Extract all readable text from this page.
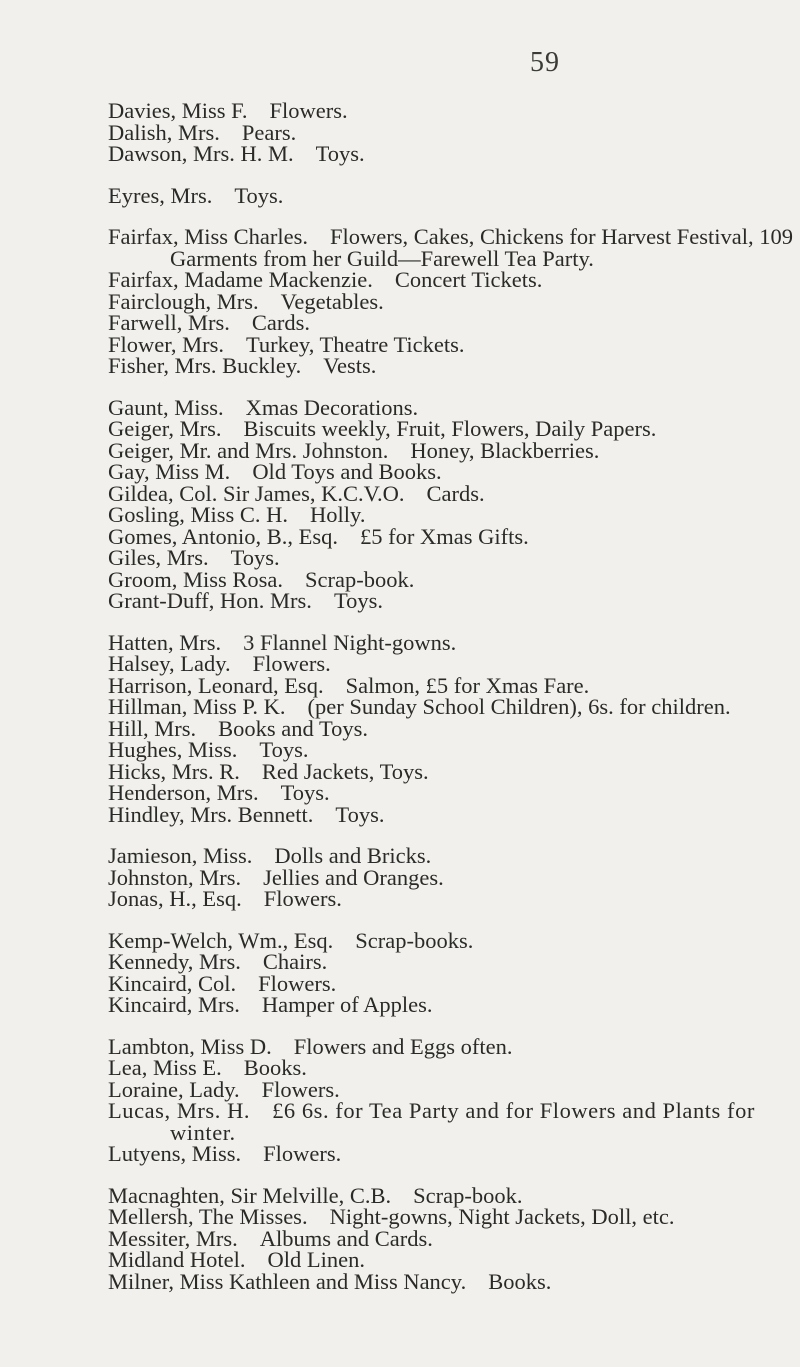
59
Davies, Miss F. Flowers.
Dalish, Mrs. Pears.
Dawson, Mrs. H. M. Toys.
Eyres, Mrs. Toys.
Fairfax, Miss Charles. Flowers, Cakes, Chickens for Harvest Festival, 109
Garments from her Guild—Farewell Tea Party.
Fairfax, Madame Mackenzie. Concert Tickets.
Fairclough, Mrs. Vegetables.
Farwell, Mrs. Cards.
Flower, Mrs. Turkey, Theatre Tickets.
Fisher, Mrs. Buckley. Vests.
Gaunt, Miss. Xmas Decorations.
Geiger, Mrs. Biscuits weekly, Fruit, Flowers, Daily Papers.
Geiger, Mr. and Mrs. Johnston. Honey, Blackberries.
Gay, Miss M. Old Toys and Books.
Gildea, Col. Sir James, K.C.V.O. Cards.
Gosling, Miss C. H. Holly.
Gomes, Antonio, B., Esq. £5 for Xmas Gifts.
Giles, Mrs. Toys.
Groom, Miss Rosa. Scrap-book.
Grant-Duff, Hon. Mrs. Toys.
Hatten, Mrs. 3 Flannel Night-gowns.
Halsey, Lady. Flowers.
Harrison, Leonard, Esq. Salmon, £5 for Xmas Fare.
Hillman, Miss P. K. (per Sunday School Children), 6s. for children.
Hill, Mrs. Books and Toys.
Hughes, Miss. Toys.
Hicks, Mrs. R. Red Jackets, Toys.
Henderson, Mrs. Toys.
Hindley, Mrs. Bennett. Toys.
Jamieson, Miss. Dolls and Bricks.
Johnston, Mrs. Jellies and Oranges.
Jonas, H., Esq. Flowers.
Kemp-Welch, Wm., Esq. Scrap-books.
Kennedy, Mrs. Chairs.
Kincaird, Col. Flowers.
Kincaird, Mrs. Hamper of Apples.
Lambton, Miss D. Flowers and Eggs often.
Lea, Miss E. Books.
Loraine, Lady. Flowers.
Lucas, Mrs. H. £6 6s. for Tea Party and for Flowers and Plants for
winter.
Lutyens, Miss. Flowers.
Macnaghten, Sir Melville, C.B. Scrap-book.
Mellersh, The Misses. Night-gowns, Night Jackets, Doll, etc.
Messiter, Mrs. Albums and Cards.
Midland Hotel. Old Linen.
Milner, Miss Kathleen and Miss Nancy. Books.
